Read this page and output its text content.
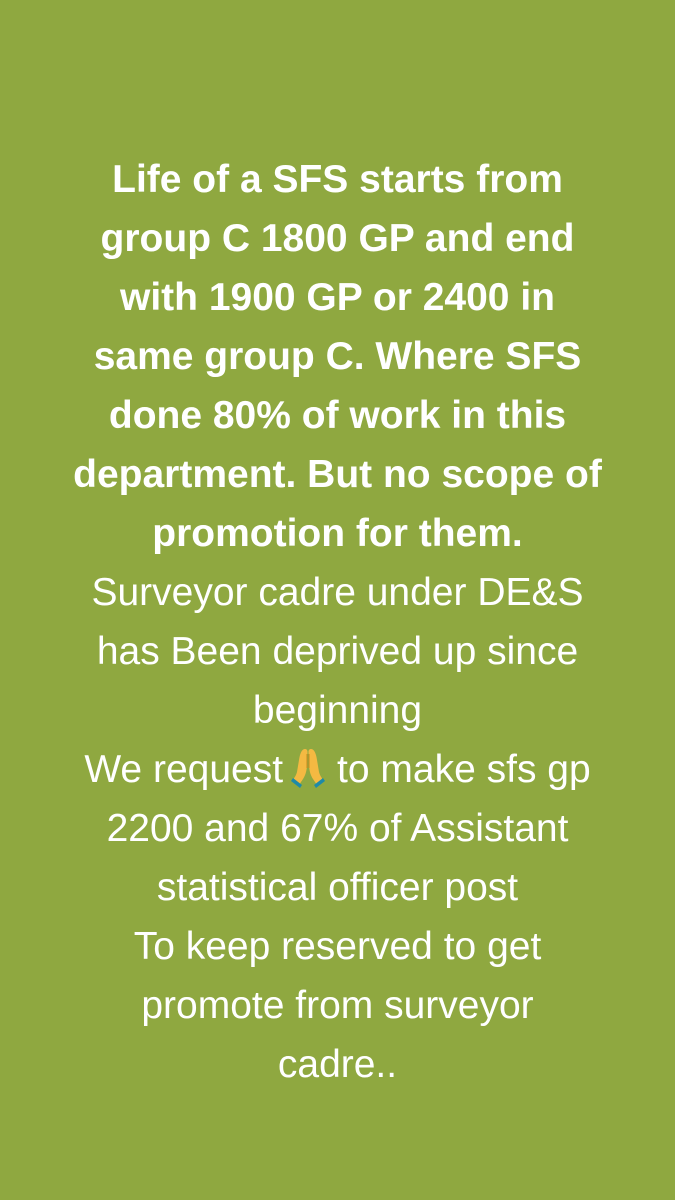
Life of a SFS starts from
group C 1800 GP and end
with 1900 GP or 2400 in
same group C. Where SFS
done 80% of work in this
department. But no scope of
promotion for them.
Surveyor cadre under DE&S
has Been deprived up since
beginning
We request to make sfs gp
2200 and 67% of Assistant
statistical officer post
To keep reserved to get
promote from surveyor
cadre..
